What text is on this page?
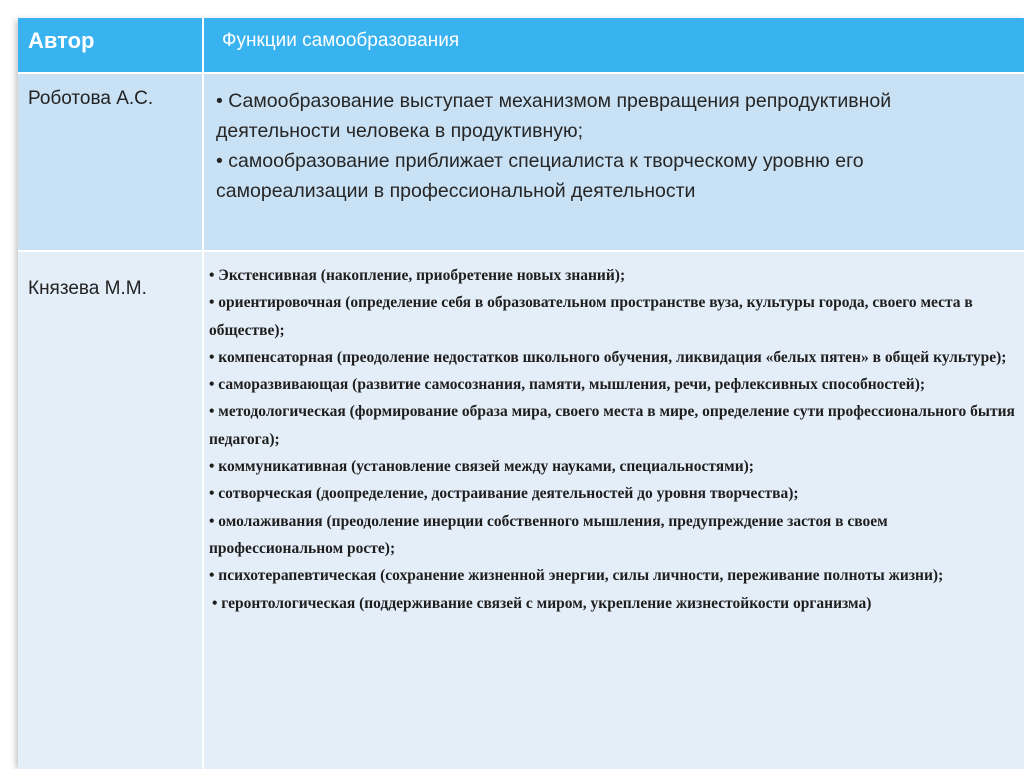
Автор	Функции самообразования
Роботова А.С.	• Самообразование выступает механизмом превращения репродуктивной деятельности человека в продуктивную;
• самообразование приближает специалиста к творческому уровню его самореализации в профессиональной деятельности
Князева М.М.
• Экстенсивная (накопление, приобретение новых знаний);
• ориентировочная (определение себя в образовательном пространстве вуза, культуры города, своего места в обществе);
• компенсаторная (преодоление недостатков школьного обучения, ликвидация «белых пятен» в общей культуре);
• саморазвивающая (развитие самосознания, памяти, мышления, речи, рефлексивных способностей);
• методологическая (формирование образа мира, своего места в мире, определение сути профессионального бытия педагога);
• коммуникативная (установление связей между науками, специальностями);
• сотворческая (доопределение, достраивание деятельностей до уровня творчества);
• омолаживания (преодоление инерции собственного мышления, предупреждение застоя в своем профессиональном росте);
• психотерапевтическая (сохранение жизненной энергии, силы личности, переживание полноты жизни);
• геронтологическая (поддерживание связей с миром, укрепление жизнестойкости организма)
